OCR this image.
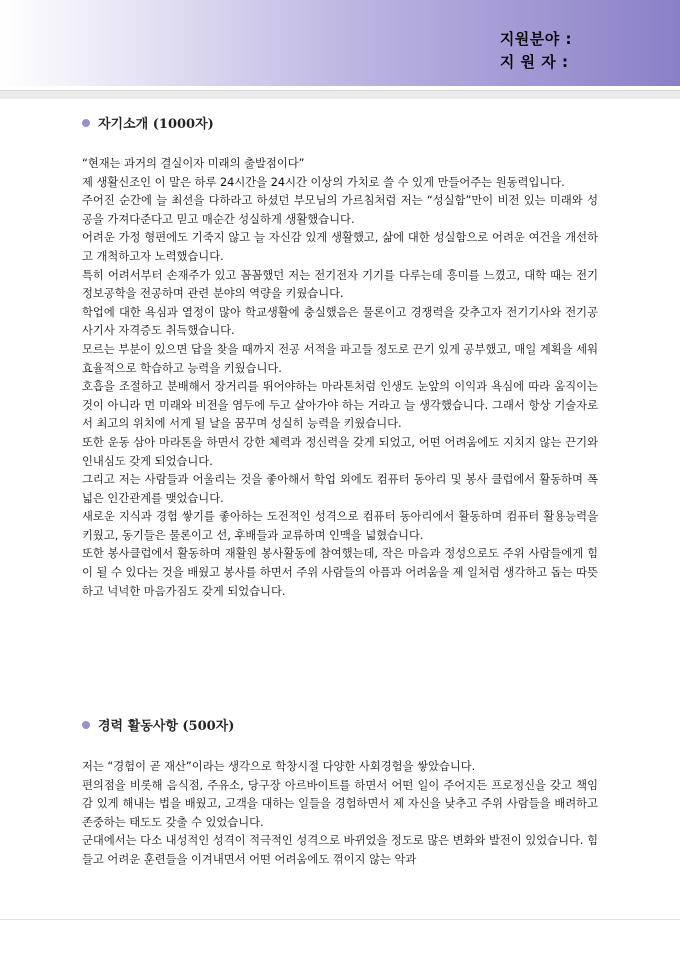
지원분야 :
지 원 자 :
자기소개 (1000자)

“현재는 과거의 결실이자 미래의 출발점이다”

제 생활신조인 이 말은 하루 24시간을 24시간 이상의 가치로 쓸 수 있게 만들어주는 원동력입니다.

주어진 순간에 늘 최선을 다하라고 하셨던 부모님의 가르침처럼 저는 “성실함”만이 비전 있는 미래와 성공을 가져다준다고 믿고 매순간 성실하게 생활했습니다.

어려운 가정 형편에도 기죽지 않고 늘 자신감 있게 생활했고, 삶에 대한 성실함으로 어려운 여건을 개선하고 개척하고자 노력했습니다.

특히 어려서부터 손재주가 있고 꼼꼼했던 저는 전기전자 기기를 다루는데 흥미를 느꼈고, 대학 때는 전기정보공학을 전공하며 관련 분야의 역량을 키웠습니다.

학업에 대한 욕심과 열정이 많아 학교생활에 충실했음은 물론이고 경쟁력을 갖추고자 전기기사와 전기공사기사 자격증도 취득했습니다.

모르는 부분이 있으면 답을 찾을 때까지 전공 서적을 파고들 정도로 끈기 있게 공부했고, 매일 계획을 세워 효율적으로 학습하고 능력을 키웠습니다.

호흡을 조절하고 분배해서 장거리를 뛰어야하는 마라톤처럼 인생도 눈앞의 이익과 욕심에 따라 움직이는 것이 아니라 먼 미래와 비전을 염두에 두고 살아가야 하는 거라고 늘 생각했습니다. 그래서 항상 기술자로서 최고의 위치에 서게 될 날을 꿈꾸며 성실히 능력을 키웠습니다.

또한 운동 삼아 마라톤을 하면서 강한 체력과 정신력을 갖게 되었고, 어떤 어려움에도 지치지 않는 끈기와 인내심도 갖게 되었습니다.

그리고 저는 사람들과 어울리는 것을 좋아해서 학업 외에도 컴퓨터 동아리 및 봉사 클럽에서 활동하며 폭 넓은 인간관계를 맺었습니다.

새로운 지식과 경험 쌓기를 좋아하는 도전적인 성격으로 컴퓨터 동아리에서 활동하며 컴퓨터 활용능력을 키웠고, 동기들은 물론이고 선, 후배들과 교류하며 인맥을 넓혔습니다.

또한 봉사클럽에서 활동하며 재활원 봉사활동에 참여했는데, 작은 마음과 정성으로도 주위 사람들에게 힘이 될 수 있다는 것을 배웠고 봉사를 하면서 주위 사람들의 아픔과 어려움을 제 일처럼 생각하고 돕는 따뜻하고 넉넉한 마음가짐도 갖게 되었습니다.

경력 활동사항 (500자)

저는 “경험이 곧 재산”이라는 생각으로 학창시절 다양한 사회경험을 쌓았습니다.

편의점을 비롯해 음식점, 주유소, 당구장 아르바이트를 하면서 어떤 일이 주어지든 프로정신을 갖고 책임감 있게 해내는 법을 배웠고, 고객을 대하는 일들을 경험하면서 제 자신을 낮추고 주위 사람들을 배려하고 존중하는 태도도 갖출 수 있었습니다.

군대에서는 다소 내성적인 성격이 적극적인 성격으로 바뀌었을 정도로 많은 변화와 발전이 있었습니다. 힘들고 어려운 훈련들을 이겨내면서 어떤 어려움에도 꺾이지 않는 악과
